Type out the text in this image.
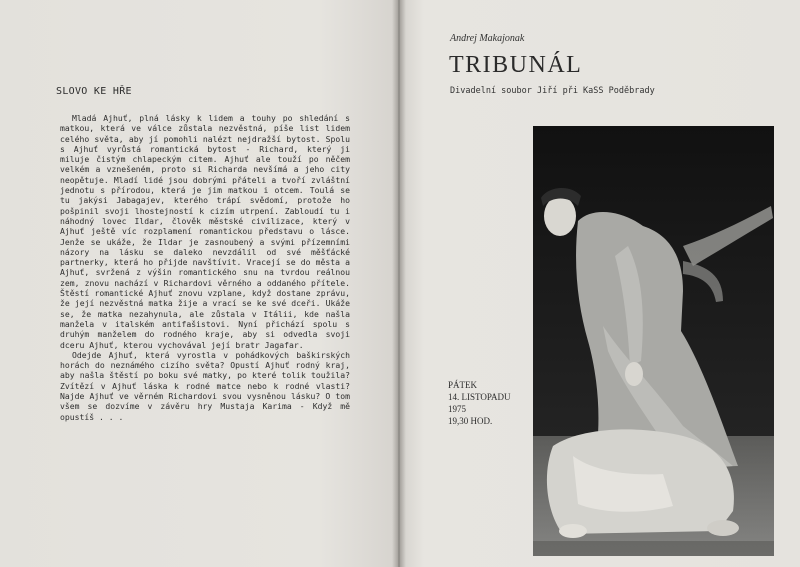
SLOVO KE HŘE

Mladá Ajhuť, plná lásky k lidem a touhy po shledání s matkou, která ve válce zůstala nezvěstná, píše list lidem celého světa, aby jí pomohli nalézt nejdražší bytost. Spolu s Ajhuť vyrůstá romantická bytost - Richard, který ji miluje čistým chlapeckým citem. Ajhuť ale touží po něčem velkém a vznešeném, proto si Richarda nevšímá a jeho city neopětuje. Mladí lidé jsou dobrými přáteli a tvoří zvláštní jednotu s přírodou, která je jim matkou i otcem. Toulá se tu jakýsi Jabagajev, kterého trápí svědomí, protože ho pošpinil svoji lhostejností k cizím utrpení. Zabloudí tu i náhodný lovec Ildar, člověk městské civilizace, který v Ajhuť ještě víc rozplamení romantickou představu o lásce. Jenže se ukáže, že Ildar je zasnoubený a svými přízemními názory na lásku se daleko nevzdálil od své měšťácké partnerky, která ho přijde navštívit. Vracejí se do města a Ajhuť, svržená z výšin romantického snu na tvrdou reálnou zem, znovu nachází v Richardovi věrného a oddaného přítele. Štěstí romantické Ajhuť znovu vzplane, když dostane zprávu, že její nezvěstná matka žije a vrací se ke své dceři. Ukáže se, že matka nezahynula, ale zůstala v Itálii, kde našla manžela v italském antifašistovi. Nyní přichází spolu s druhým manželem do rodného kraje, aby si odvedla svoji dceru Ajhuť, kterou vychovával její bratr Jagafar.

Odejde Ajhuť, která vyrostla v pohádkových baškirských horách do neznámého cizího světa? Opustí Ajhuť rodný kraj, aby našla štěstí po boku své matky, po které tolik toužila? Zvítězí v Ajhuť láska k rodné matce nebo k rodné vlasti? Najde Ajhuť ve věrném Richardovi svou vysněnou lásku? O tom všem se dozvíme v závěru hry Mustaja Karima - Když mě opustíš . . .

Andrej Makajonak
TRIBUNÁL
Divadelní soubor Jiří při KaSS Poděbrady
PÁTEK
14. LISTOPADU
1975
19,30 HOD.
